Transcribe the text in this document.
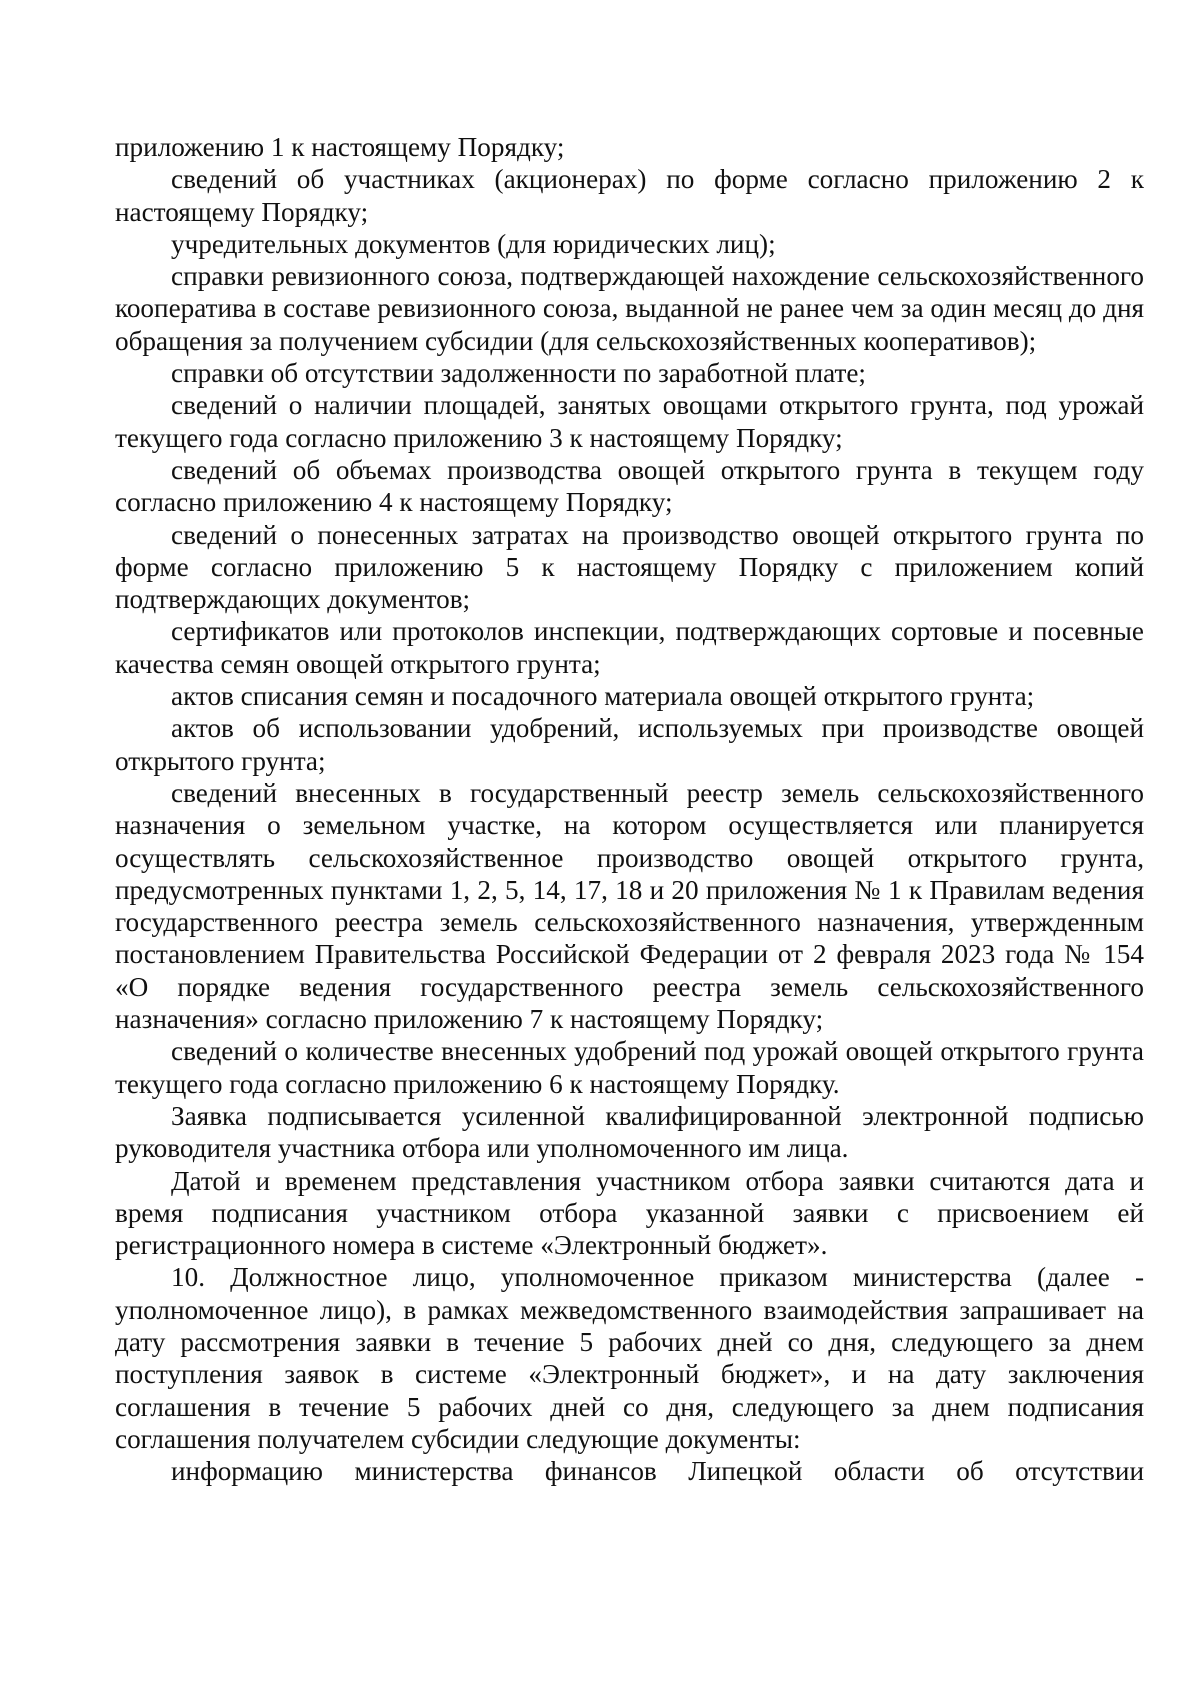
приложению 1 к настоящему Порядку;

сведений об участниках (акционерах) по форме согласно приложению 2 к настоящему Порядку;

учредительных документов (для юридических лиц);

справки ревизионного союза, подтверждающей нахождение сельскохозяйственного кооператива в составе ревизионного союза, выданной не ранее чем за один месяц до дня обращения за получением субсидии (для сельскохозяйственных кооперативов);

справки об отсутствии задолженности по заработной плате;

сведений о наличии площадей, занятых овощами открытого грунта, под урожай текущего года согласно приложению 3 к настоящему Порядку;

сведений об объемах производства овощей открытого грунта в текущем году согласно приложению 4 к настоящему Порядку;

сведений о понесенных затратах на производство овощей открытого грунта по форме согласно приложению 5 к настоящему Порядку с приложением копий подтверждающих документов;

сертификатов или протоколов инспекции, подтверждающих сортовые и посевные качества семян овощей открытого грунта;

актов списания семян и посадочного материала овощей открытого грунта;

актов об использовании удобрений, используемых при производстве овощей открытого грунта;

сведений внесенных в государственный реестр земель сельскохозяйственного назначения о земельном участке, на котором осуществляется или планируется осуществлять сельскохозяйственное производство овощей открытого грунта, предусмотренных пунктами 1, 2, 5, 14, 17, 18 и 20 приложения № 1 к Правилам ведения государственного реестра земель сельскохозяйственного назначения, утвержденным постановлением Правительства Российской Федерации от 2 февраля 2023 года № 154 «О порядке ведения государственного реестра земель сельскохозяйственного назначения» согласно приложению 7 к настоящему Порядку;

сведений о количестве внесенных удобрений под урожай овощей открытого грунта текущего года согласно приложению 6 к настоящему Порядку.

Заявка подписывается усиленной квалифицированной электронной подписью руководителя участника отбора или уполномоченного им лица.

Датой и временем представления участником отбора заявки считаются дата и время подписания участником отбора указанной заявки с присвоением ей регистрационного номера в системе «Электронный бюджет».

10. Должностное лицо, уполномоченное приказом министерства (далее - уполномоченное лицо), в рамках межведомственного взаимодействия запрашивает на дату рассмотрения заявки в течение 5 рабочих дней со дня, следующего за днем поступления заявок в системе «Электронный бюджет», и на дату заключения соглашения в течение 5 рабочих дней со дня, следующего за днем подписания соглашения получателем субсидии следующие документы:

информацию министерства финансов Липецкой области об отсутствии
